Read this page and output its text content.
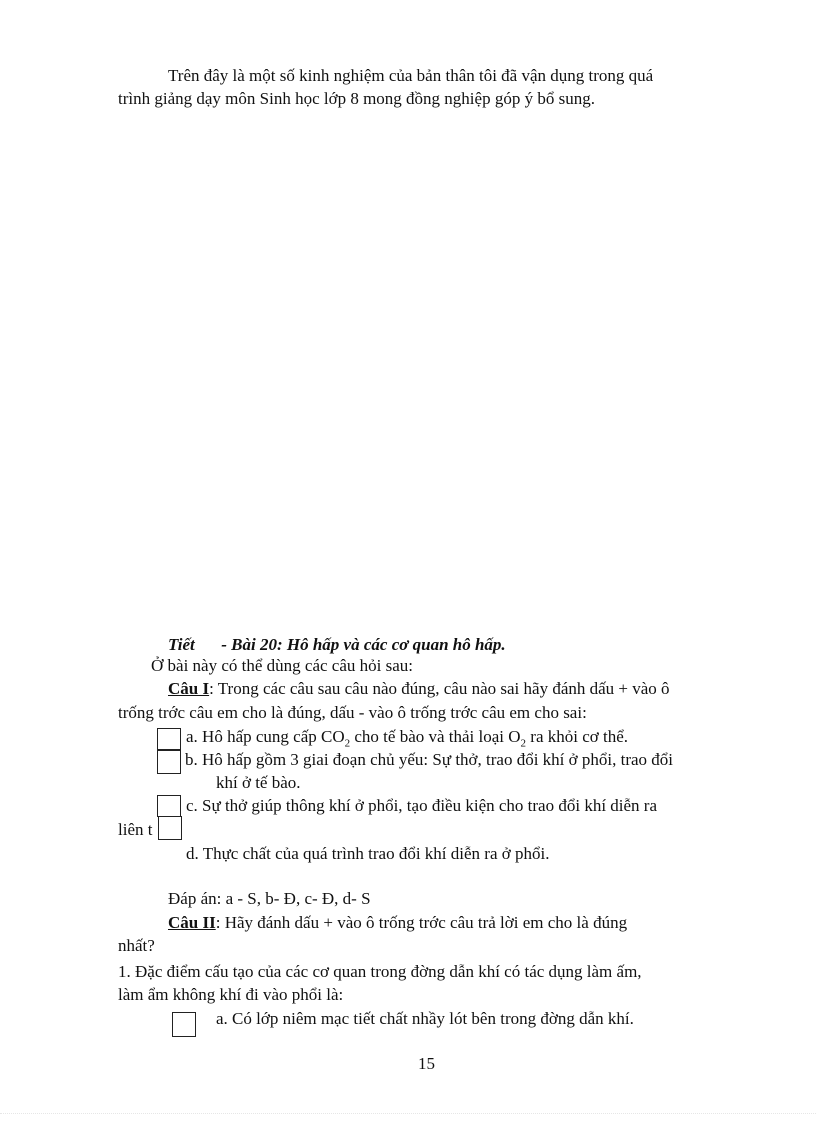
Trên đây là một số kinh nghiệm của bản thân tôi đã vận dụng trong quá
trình giảng dạy môn Sinh học lớp 8 mong đồng nghiệp góp ý bổ sung.
Tiết - Bài 20: Hô hấp và các cơ quan hô hấp.
Ở bài này có thể dùng các câu hỏi sau:
Câu I: Trong các câu sau câu nào đúng, câu nào sai hãy đánh dấu + vào ô
trống trớc câu em cho là đúng, dấu - vào ô trống trớc câu em cho sai:
a. Hô hấp cung cấp $CO_2$ cho tế bào và thải loại $O_2$ ra khỏi cơ thể.
b. Hô hấp gồm 3 giai đoạn chủ yếu: Sự thở, trao đổi khí ở phổi, trao đổi
khí ở tế bào.
c. Sự thở giúp thông khí ở phổi, tạo điều kiện cho trao đổi khí diễn ra
liên t
d. Thực chất của quá trình trao đổi khí diễn ra ở phổi.
Đáp án: a - S, b- Đ, c- Đ, d- S
Câu II: Hãy đánh dấu + vào ô trống trớc câu trả lời em cho là đúng
nhất?
1. Đặc điểm cấu tạo của các cơ quan trong đờng dẫn khí có tác dụng làm ấm,
làm ẩm không khí đi vào phổi là:
a. Có lớp niêm mạc tiết chất nhầy lót bên trong đờng dẫn khí.
15
